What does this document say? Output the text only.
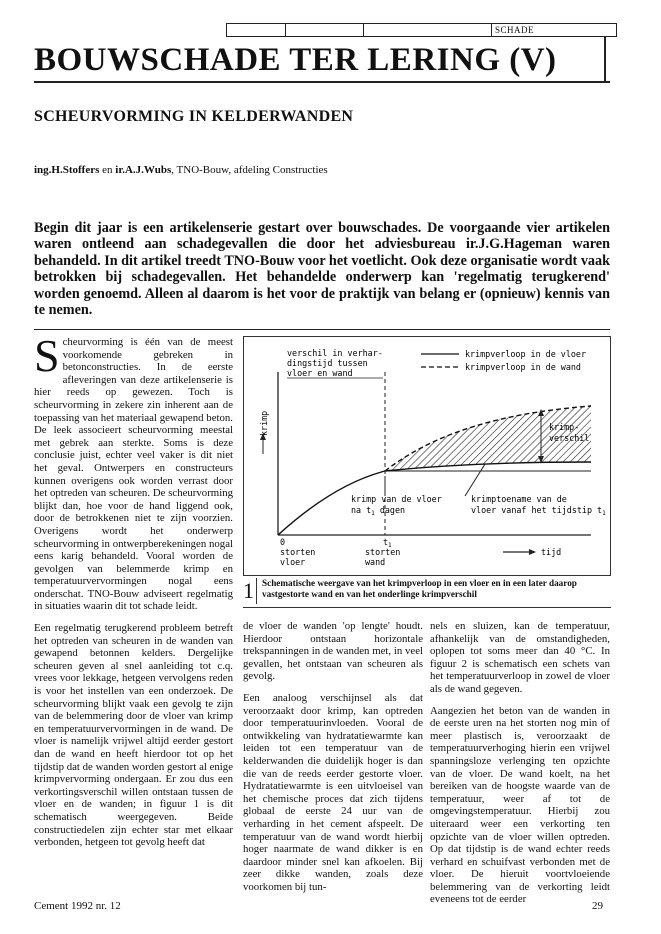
SCHADE
BOUWSCHADE TER LERING (V)
SCHEURVORMING IN KELDERWANDEN
ing.H.Stoffers en ir.A.J.Wubs, TNO-Bouw, afdeling Constructies
Begin dit jaar is een artikelenserie gestart over bouwschades. De voorgaande vier artikelen waren ontleend aan schadegevallen die door het adviesbureau ir.J.G.Hageman waren behandeld. In dit artikel treedt TNO-Bouw voor het voetlicht. Ook deze organisatie wordt vaak betrokken bij schadegevallen. Het behandelde onderwerp kan 'regelmatig terugkerend' worden genoemd. Alleen al daarom is het voor de praktijk van belang er (opnieuw) kennis van te nemen.

Scheurvorming is één van de meest voorkomende gebreken in betonconstructies. In de eerste afleveringen van deze artikelenserie is hier reeds op gewezen. Toch is scheurvorming in zekere zin inherent aan de toepassing van het materiaal gewapend beton. De leek associeert scheurvorming meestal met gebrek aan sterkte. Soms is deze conclusie juist, echter veel vaker is dit niet het geval. Ontwerpers en constructeurs kunnen overigens ook worden verrast door het optreden van scheuren. De scheurvorming blijkt dan, hoe voor de hand liggend ook, door de betrokkenen niet te zijn voorzien. Overigens wordt het onderwerp scheurvorming in ontwerpberekeningen nogal eens karig behandeld. Vooral worden de gevolgen van belemmerde krimp en temperatuurvervormingen nogal eens onderschat. TNO-Bouw adviseert regelmatig in situaties waarin dit tot schade leidt.

Een regelmatig terugkerend probleem betreft het optreden van scheuren in de wanden van gewapend betonnen kelders. Dergelijke scheuren geven al snel aanleiding tot c.q. vrees voor lekkage, hetgeen vervolgens reden is voor het instellen van een onderzoek. De scheurvorming blijkt vaak een gevolg te zijn van de belemmering door de vloer van krimp en temperatuurvervormingen in de wand. De vloer is namelijk vrijwel altijd eerder gestort dan de wand en heeft hierdoor tot op het tijdstip dat de wanden worden gestort al enige krimpvervorming ondergaan. Er zou dus een verkortingsverschil willen ontstaan tussen de vloer en de wanden; in figuur 1 is dit schematisch weergegeven. Beide constructiedelen zijn echter star met elkaar verbonden, hetgeen tot gevolg heeft dat

de vloer de wanden 'op lengte' houdt. Hierdoor ontstaan horizontale trekspanningen in de wanden met, in veel gevallen, het ontstaan van scheuren als gevolg.

Een analoog verschijnsel als dat veroorzaakt door krimp, kan optreden door temperatuurinvloeden. Vooral de ontwikkeling van hydratatiewarmte kan leiden tot een temperatuur van de kelderwanden die duidelijk hoger is dan die van de reeds eerder gestorte vloer. Hydratatiewarmte is een uitvloeisel van het chemische proces dat zich tijdens globaal de eerste 24 uur van de verharding in het cement afspeelt. De temperatuur van de wand wordt hierbij hoger naarmate de wand dikker is en daardoor minder snel kan afkoelen. Bij zeer dikke wanden, zoals deze voorkomen bij tun-

nels en sluizen, kan de temperatuur, afhankelijk van de omstandigheden, oplopen tot soms meer dan 40 °C. In figuur 2 is schematisch een schets van het temperatuurverloop in zowel de vloer als de wand gegeven.

Aangezien het beton van de wanden in de eerste uren na het storten nog min of meer plastisch is, veroorzaakt de temperatuurverhoging hierin een vrijwel spanningsloze verlenging ten opzichte van de vloer. De wand koelt, na het bereiken van de hoogste waarde van de temperatuur, weer af tot de omgevingstemperatuur. Hierbij zou uiteraard weer een verkorting ten opzichte van de vloer willen optreden. Op dat tijdstip is de wand echter reeds verhard en schuifvast verbonden met de vloer. De hieruit voortvloeiende belemmering van de verkorting leidt eveneens tot de eerder

verschil in verhar-
dingstijd tussen
vloer en wand
krimpverloop in de vloer
krimpverloop in de wand
krimp	krimp-
verschil
krimp van de vloer
na $t_1$ dagen
krimptoename van de
vloer vanaf het tijdstip $t_1$
0	$t_1$
storten
vloer
storten
wand
tijd
1 Schematische weergave van het krimpverloop in een vloer en in een later daarop vastgestorte wand en van het onderlinge krimpverschil
Cement 1992 nr. 12	29
